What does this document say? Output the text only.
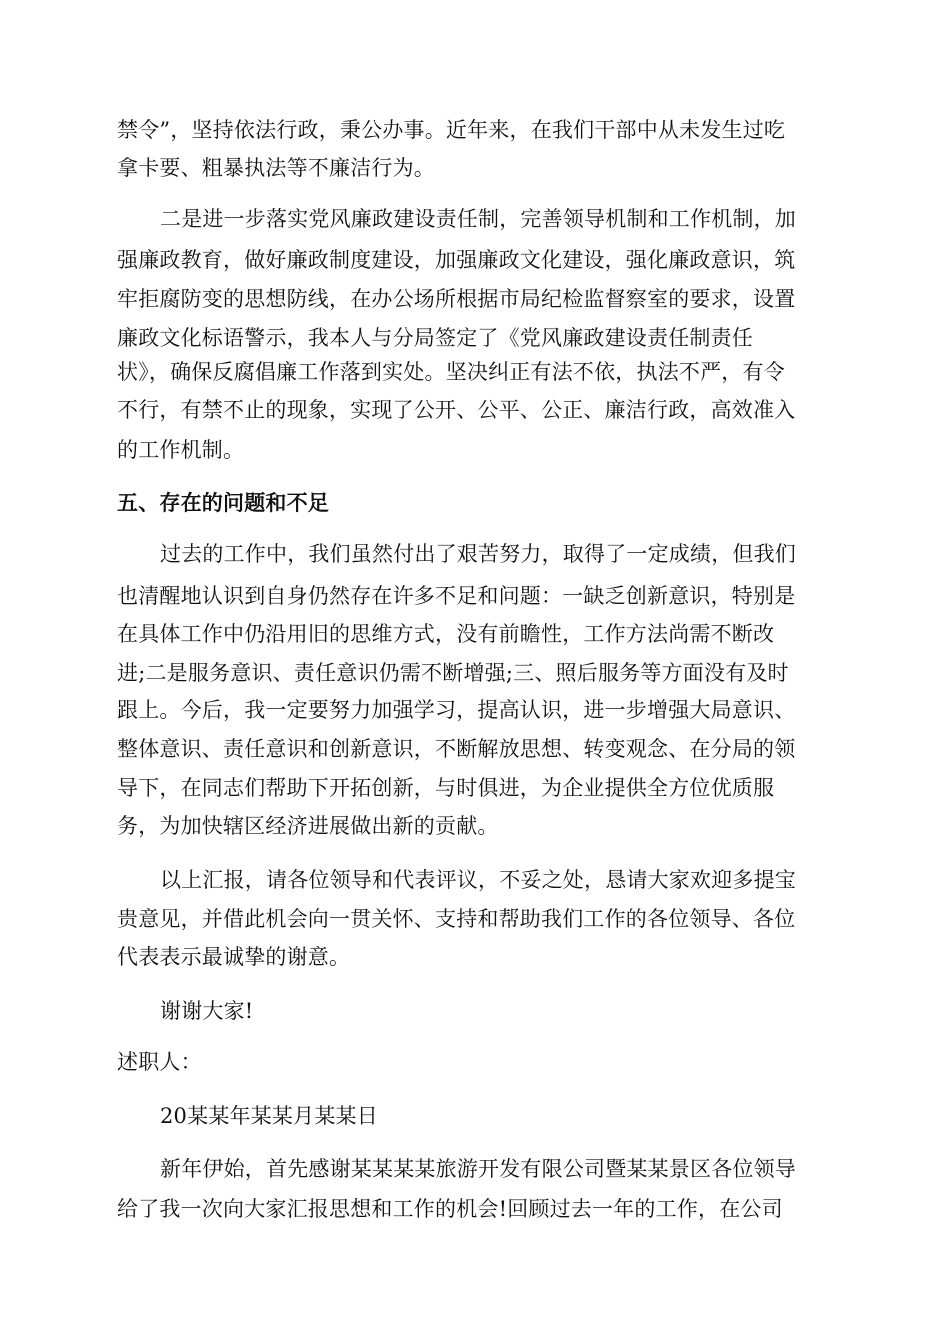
禁令”，坚持依法行政，秉公办事。近年来，在我们干部中从未发生过吃
拿卡要、粗暴执法等不廉洁行为。
二是进一步落实党风廉政建设责任制，完善领导机制和工作机制，加
强廉政教育，做好廉政制度建设，加强廉政文化建设，强化廉政意识，筑
牢拒腐防变的思想防线，在办公场所根据市局纪检监督察室的要求，设置
廉政文化标语警示，我本人与分局签定了《党风廉政建设责任制责任
状》，确保反腐倡廉工作落到实处。坚决纠正有法不依，执法不严，有令
不行，有禁不止的现象，实现了公开、公平、公正、廉洁行政，高效准入
的工作机制。
五、存在的问题和不足
过去的工作中，我们虽然付出了艰苦努力，取得了一定成绩，但我们
也清醒地认识到自身仍然存在许多不足和问题：一缺乏创新意识，特别是
在具体工作中仍沿用旧的思维方式，没有前瞻性，工作方法尚需不断改
进;二是服务意识、责任意识仍需不断增强;三、照后服务等方面没有及时
跟上。今后，我一定要努力加强学习，提高认识，进一步增强大局意识、
整体意识、责任意识和创新意识，不断解放思想、转变观念、在分局的领
导下，在同志们帮助下开拓创新，与时俱进，为企业提供全方位优质服
务，为加快辖区经济进展做出新的贡献。
以上汇报，请各位领导和代表评议，不妥之处，恳请大家欢迎多提宝
贵意见，并借此机会向一贯关怀、支持和帮助我们工作的各位领导、各位
代表表示最诚挚的谢意。
谢谢大家!
述职人：
20某某年某某月某某日
新年伊始，首先感谢某某某某旅游开发有限公司暨某某景区各位领导
给了我一次向大家汇报思想和工作的机会!回顾过去一年的工作，在公司
